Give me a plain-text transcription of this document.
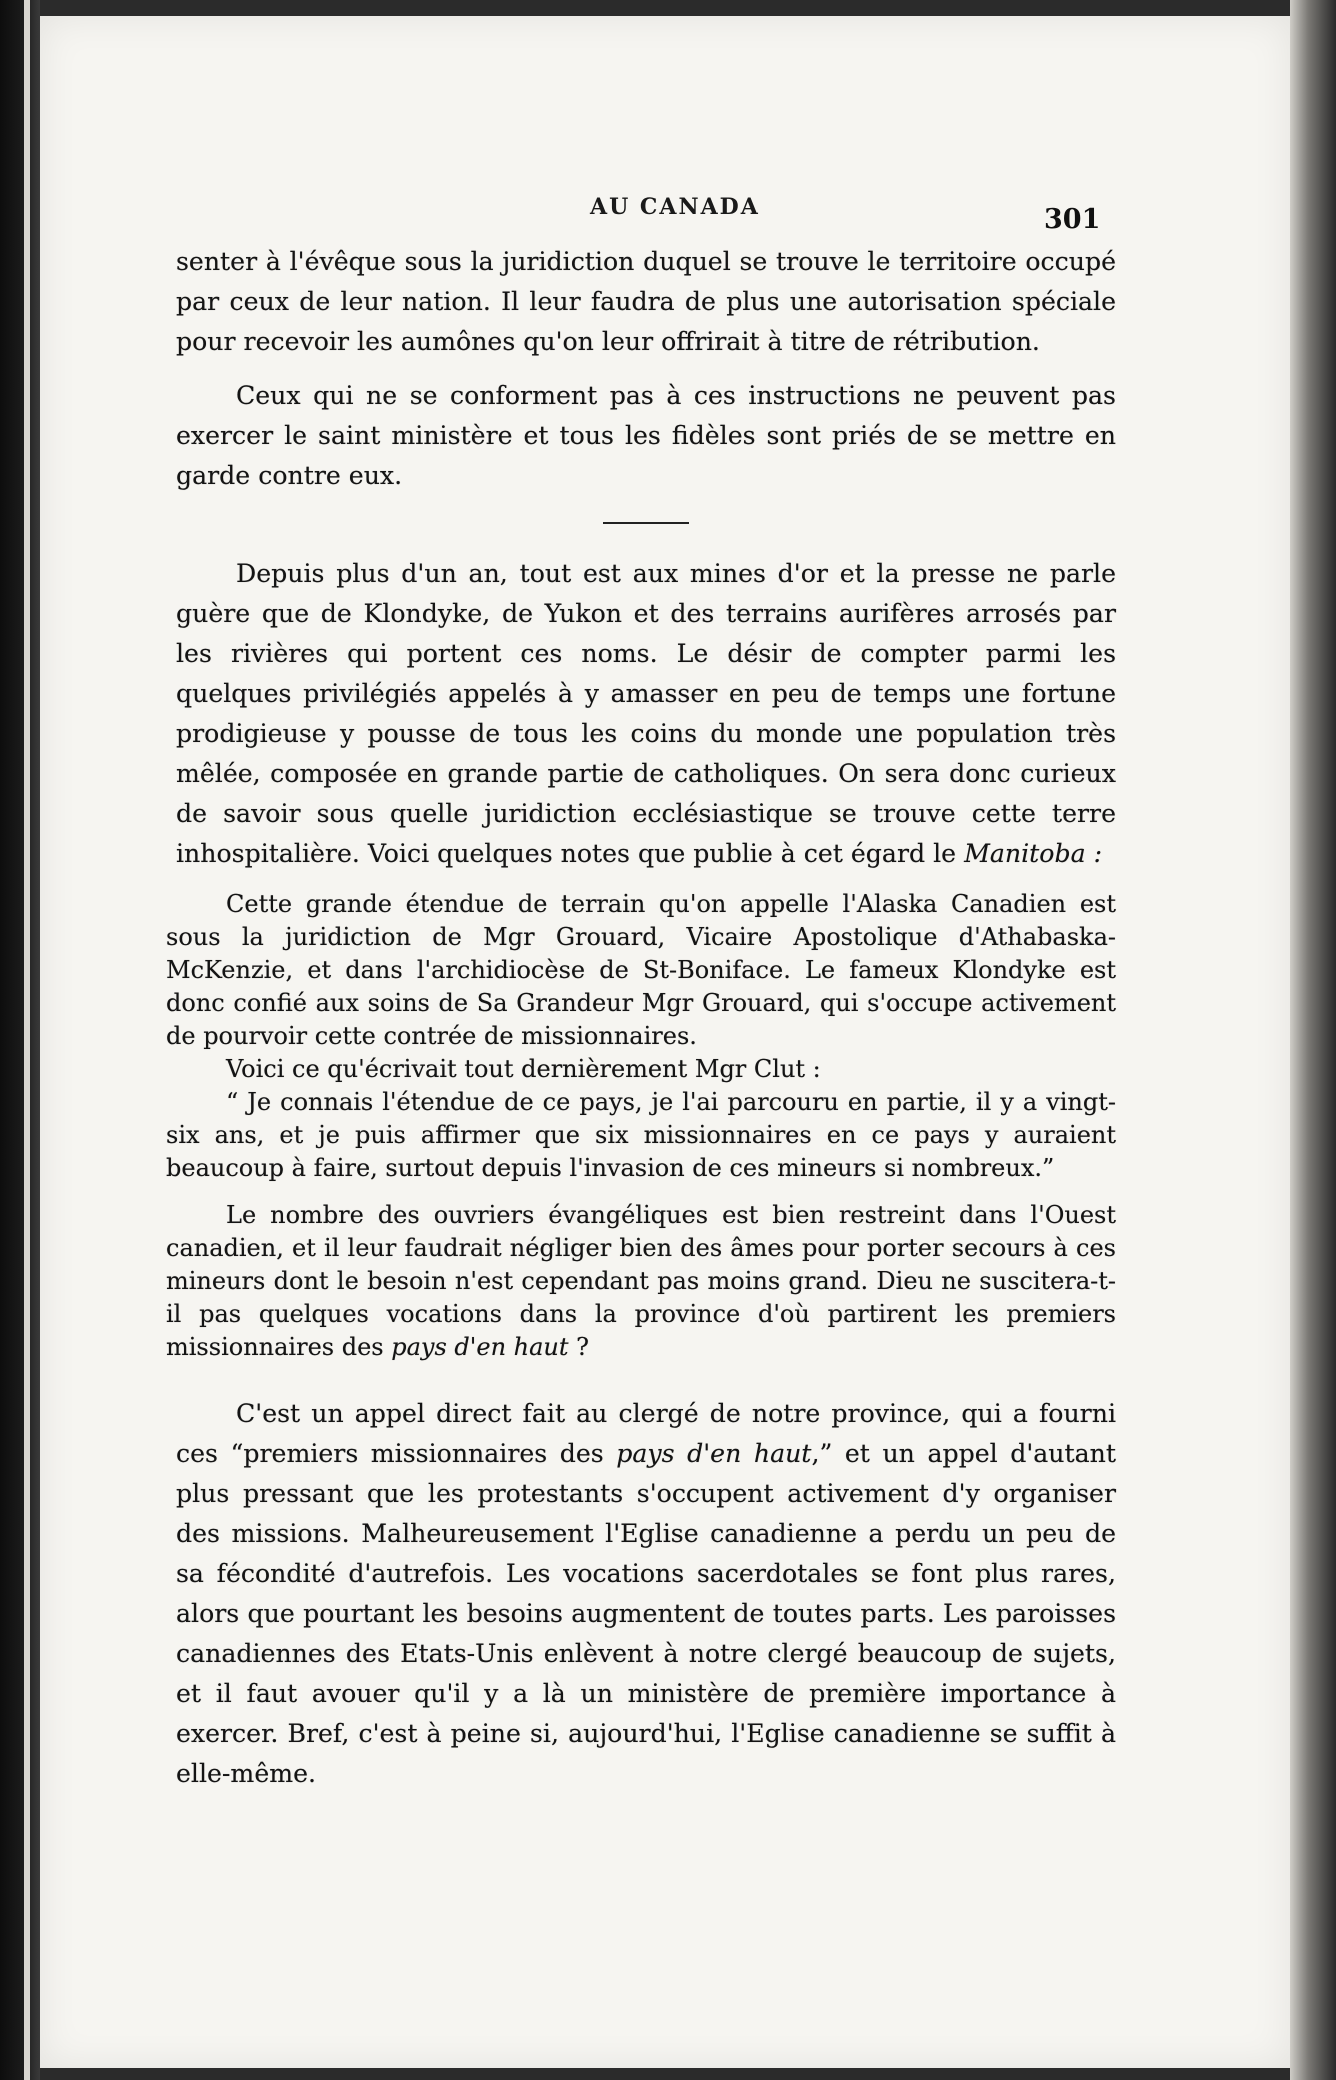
AU CANADA	301

senter à l'évêque sous la juridiction duquel se trouve le territoire occupé par ceux de leur nation. Il leur faudra de plus une autorisation spéciale pour recevoir les aumônes qu'on leur offrirait à titre de rétribution.

Ceux qui ne se conforment pas à ces instructions ne peuvent pas exercer le saint ministère et tous les fidèles sont priés de se mettre en garde contre eux.

Depuis plus d'un an, tout est aux mines d'or et la presse ne parle guère que de Klondyke, de Yukon et des terrains aurifères arrosés par les rivières qui portent ces noms. Le désir de compter parmi les quelques privilégiés appelés à y amasser en peu de temps une fortune prodigieuse y pousse de tous les coins du monde une population très mêlée, composée en grande partie de catholiques. On sera donc curieux de savoir sous quelle juridiction ecclésiastique se trouve cette terre inhospitalière. Voici quelques notes que publie à cet égard le Manitoba :

Cette grande étendue de terrain qu'on appelle l'Alaska Canadien est sous la juridiction de Mgr Grouard, Vicaire Apostolique d'Athabaska-McKenzie, et dans l'archidiocèse de St-Boniface. Le fameux Klondyke est donc confié aux soins de Sa Grandeur Mgr Grouard, qui s'occupe activement de pourvoir cette contrée de missionnaires.

Voici ce qu'écrivait tout dernièrement Mgr Clut :

“ Je connais l'étendue de ce pays, je l'ai parcouru en partie, il y a vingt-six ans, et je puis affirmer que six missionnaires en ce pays y auraient beaucoup à faire, surtout depuis l'invasion de ces mineurs si nombreux.”

Le nombre des ouvriers évangéliques est bien restreint dans l'Ouest canadien, et il leur faudrait négliger bien des âmes pour porter secours à ces mineurs dont le besoin n'est cependant pas moins grand. Dieu ne suscitera-t-il pas quelques vocations dans la province d'où partirent les premiers missionnaires des pays d'en haut ?

C'est un appel direct fait au clergé de notre province, qui a fourni ces “premiers missionnaires des pays d'en haut,” et un appel d'autant plus pressant que les protestants s'occupent activement d'y organiser des missions. Malheureusement l'Eglise canadienne a perdu un peu de sa fécondité d'autrefois. Les vocations sacerdotales se font plus rares, alors que pourtant les besoins augmentent de toutes parts. Les paroisses canadiennes des Etats-Unis enlèvent à notre clergé beaucoup de sujets, et il faut avouer qu'il y a là un ministère de première importance à exercer. Bref, c'est à peine si, aujourd'hui, l'Eglise canadienne se suffit à elle-même.
